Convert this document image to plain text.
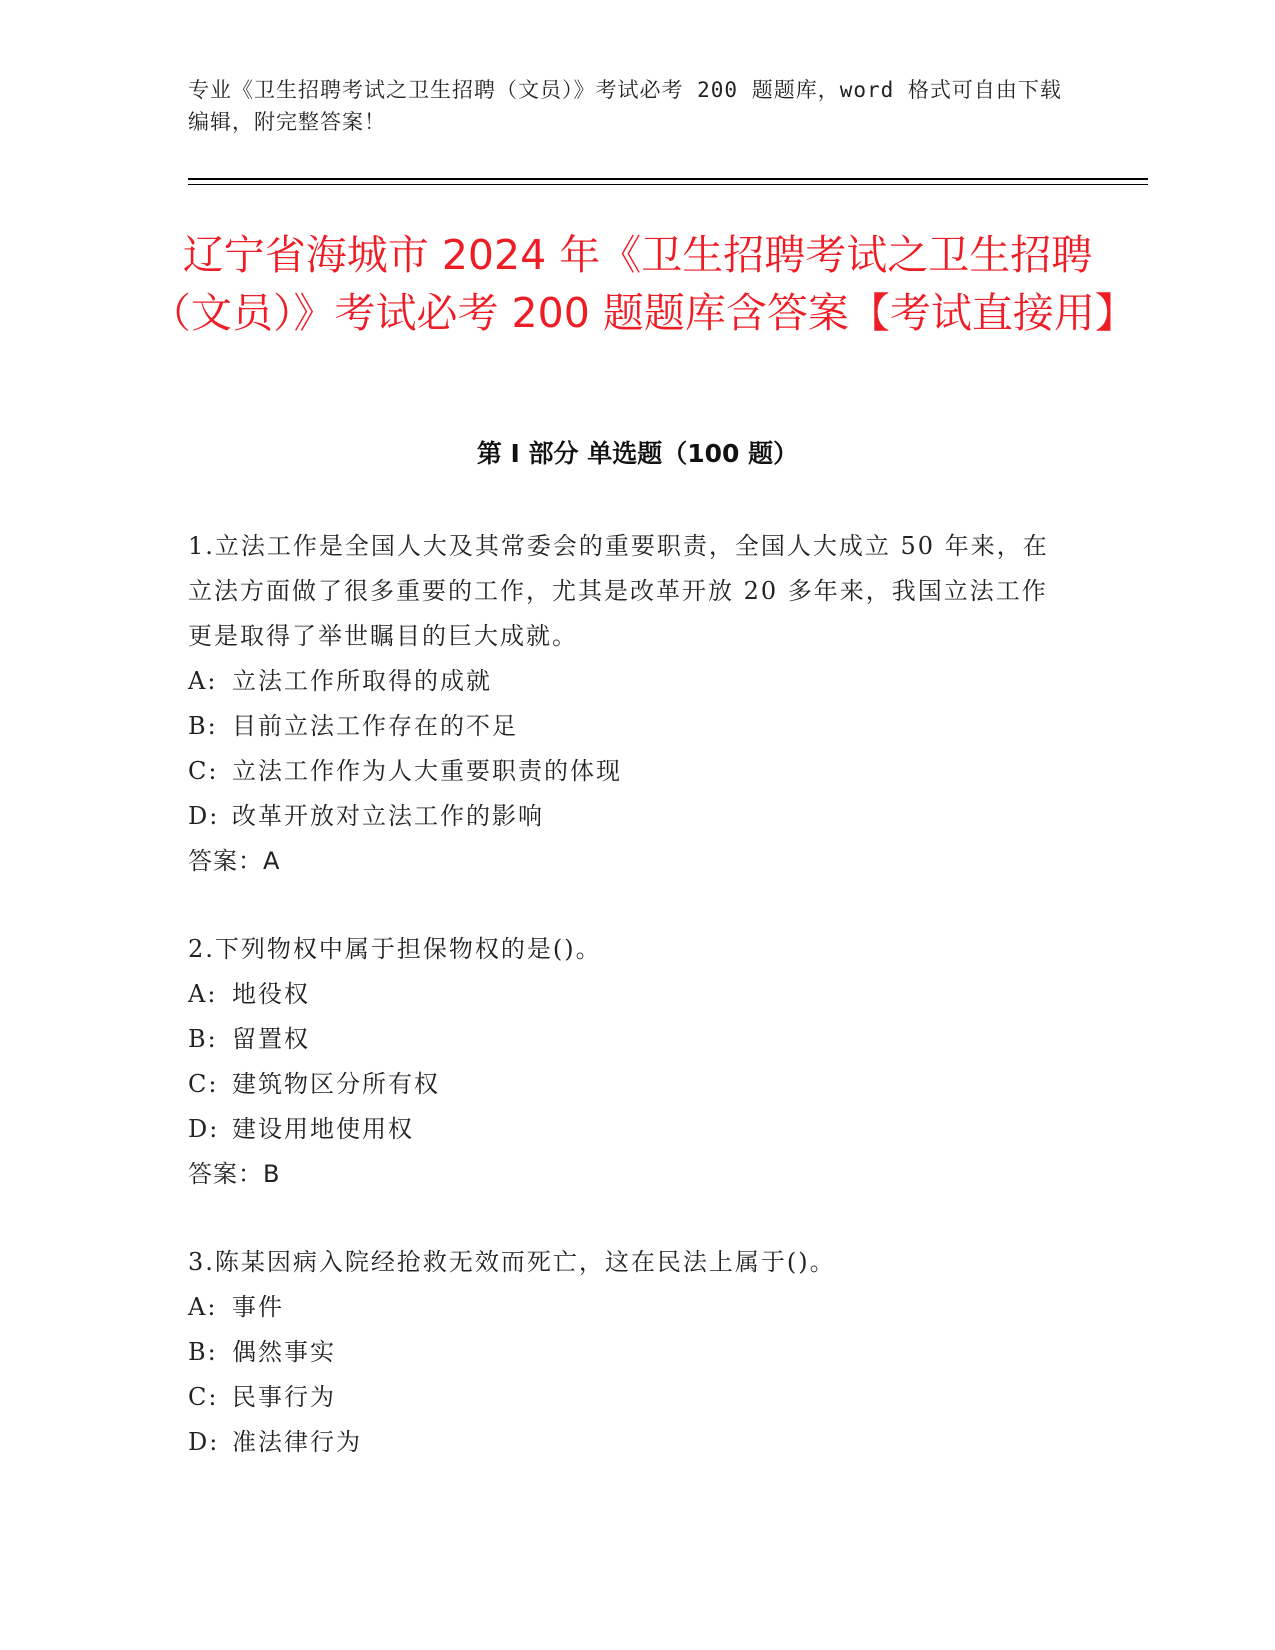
专业《卫生招聘考试之卫生招聘（文员）》考试必考 200 题题库，word 格式可自由下载编辑，附完整答案！
辽宁省海城市 2024 年《卫生招聘考试之卫生招聘（文员）》考试必考 200 题题库含答案【考试直接用】
第 I 部分 单选题（100 题）

1.立法工作是全国人大及其常委会的重要职责，全国人大成立 50 年来，在立法方面做了很多重要的工作，尤其是改革开放 20 多年来，我国立法工作更是取得了举世瞩目的巨大成就。

A: 立法工作所取得的成就

B: 目前立法工作存在的不足

C: 立法工作作为人大重要职责的体现

D: 改革开放对立法工作的影响

答案：A

2.下列物权中属于担保物权的是()。

A: 地役权

B: 留置权

C: 建筑物区分所有权

D: 建设用地使用权

答案：B

3.陈某因病入院经抢救无效而死亡，这在民法上属于()。

A: 事件

B: 偶然事实

C: 民事行为

D: 准法律行为
